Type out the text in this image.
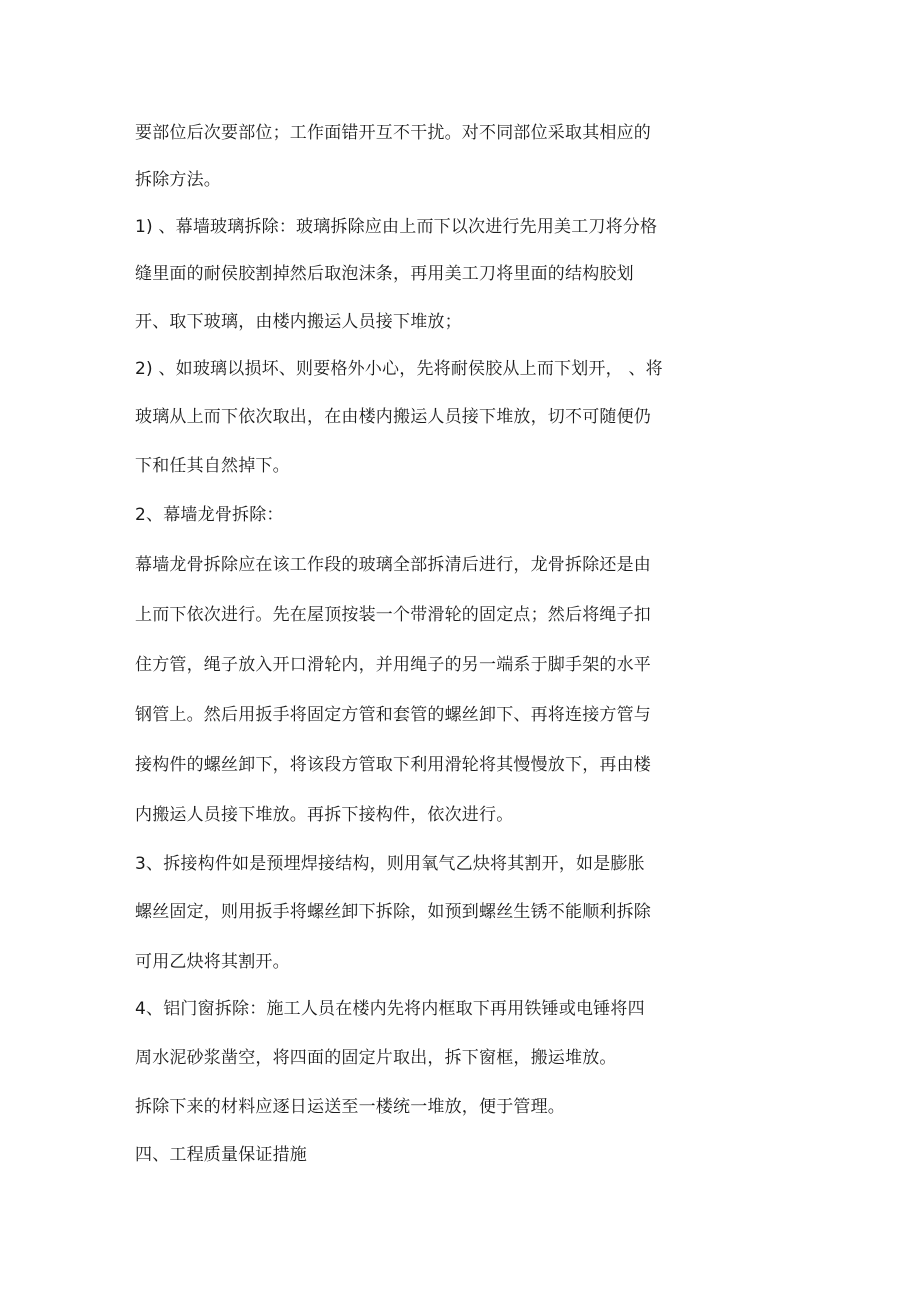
要部位后次要部位；工作面错开互不干扰。对不同部位采取其相应的
拆除方法。
1) 、幕墙玻璃拆除：玻璃拆除应由上而下以次进行先用美工刀将分格
缝里面的耐侯胶割掉然后取泡沫条，再用美工刀将里面的结构胶划
开、取下玻璃，由楼内搬运人员接下堆放；
2) 、如玻璃以损坏、则要格外小心，先将耐侯胶从上而下划开， 、将
玻璃从上而下依次取出，在由楼内搬运人员接下堆放，切不可随便仍
下和任其自然掉下。
2、幕墙龙骨拆除：
幕墙龙骨拆除应在该工作段的玻璃全部拆清后进行，龙骨拆除还是由
上而下依次进行。先在屋顶按装一个带滑轮的固定点；然后将绳子扣
住方管，绳子放入开口滑轮内，并用绳子的另一端系于脚手架的水平
钢管上。然后用扳手将固定方管和套管的螺丝卸下、再将连接方管与
接构件的螺丝卸下，将该段方管取下利用滑轮将其慢慢放下，再由楼
内搬运人员接下堆放。再拆下接构件，依次进行。
3、拆接构件如是预埋焊接结构，则用氧气乙炔将其割开，如是膨胀
螺丝固定，则用扳手将螺丝卸下拆除，如预到螺丝生锈不能顺利拆除
可用乙炔将其割开。
4、铝门窗拆除：施工人员在楼内先将内框取下再用铁锤或电锤将四
周水泥砂浆凿空，将四面的固定片取出，拆下窗框，搬运堆放。
拆除下来的材料应逐日运送至一楼统一堆放，便于管理。
四、工程质量保证措施
